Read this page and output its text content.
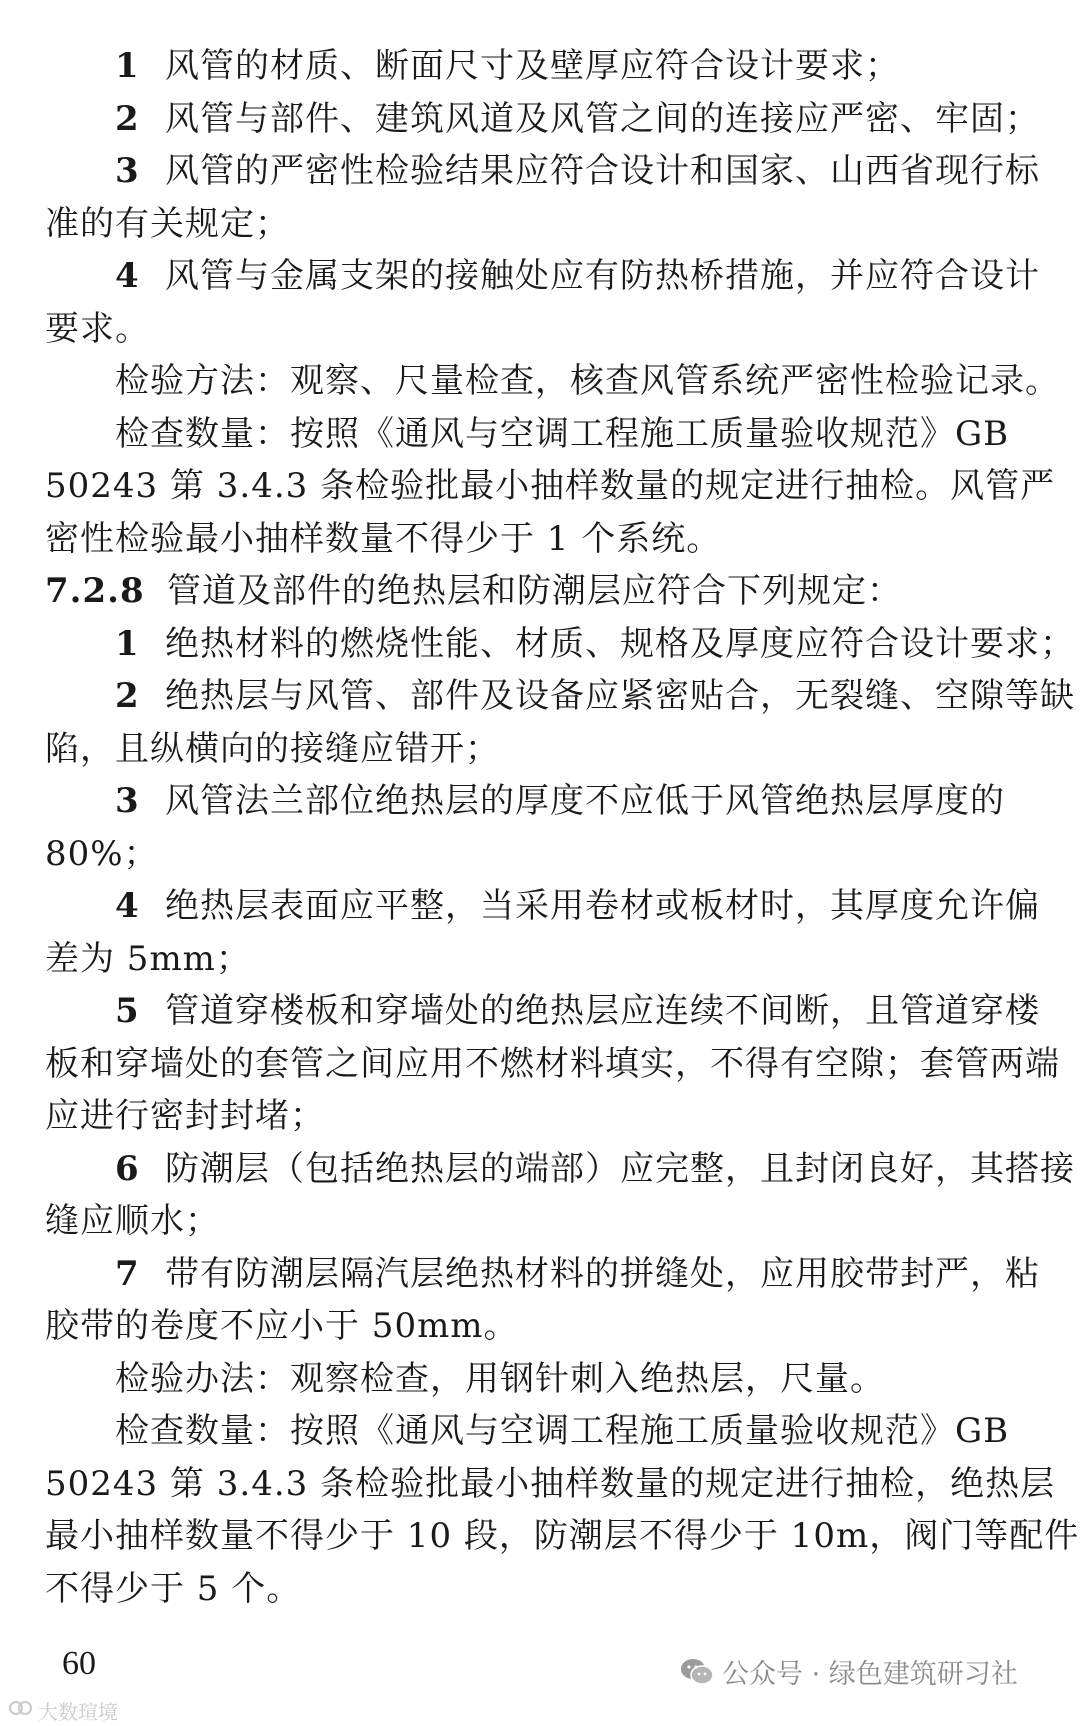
1 风管的材质、断面尺寸及壁厚应符合设计要求；
2 风管与部件、建筑风道及风管之间的连接应严密、牢固；
3 风管的严密性检验结果应符合设计和国家、山西省现行标
准的有关规定；
4 风管与金属支架的接触处应有防热桥措施，并应符合设计
要求。
检验方法：观察、尺量检查，核查风管系统严密性检验记录。
检查数量：按照《通风与空调工程施工质量验收规范》GB
50243 第 3.4.3 条检验批最小抽样数量的规定进行抽检。风管严
密性检验最小抽样数量不得少于 1 个系统。
7.2.8 管道及部件的绝热层和防潮层应符合下列规定：
1 绝热材料的燃烧性能、材质、规格及厚度应符合设计要求；
2 绝热层与风管、部件及设备应紧密贴合，无裂缝、空隙等缺
陷，且纵横向的接缝应错开；
3 风管法兰部位绝热层的厚度不应低于风管绝热层厚度的
80%；
4 绝热层表面应平整，当采用卷材或板材时，其厚度允许偏
差为 5mm；
5 管道穿楼板和穿墙处的绝热层应连续不间断，且管道穿楼
板和穿墙处的套管之间应用不燃材料填实，不得有空隙；套管两端
应进行密封封堵；
6 防潮层（包括绝热层的端部）应完整，且封闭良好，其搭接
缝应顺水；
7 带有防潮层隔汽层绝热材料的拼缝处，应用胶带封严，粘
胶带的卷度不应小于 50mm。
检验办法：观察检查，用钢针刺入绝热层，尺量。
检查数量：按照《通风与空调工程施工质量验收规范》GB
50243 第 3.4.3 条检验批最小抽样数量的规定进行抽检，绝热层
最小抽样数量不得少于 10 段，防潮层不得少于 10m，阀门等配件
不得少于 5 个。
60	公众号 · 绿色建筑研习社
大数瑄境
